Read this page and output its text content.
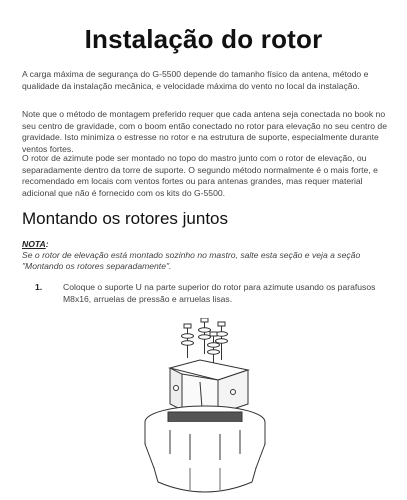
Instalação do rotor

A carga máxima de segurança do G-5500 depende do tamanho físico da antena, método e qualidade da instalação mecânica, e velocidade máxima do vento no local da instalação.

Note que o método de montagem preferido requer que cada antena seja conectada no book no seu centro de gravidade, com o boom então conectado no rotor para elevação no seu centro de gravidade. Isto minimiza o estresse no rotor e na estrutura de suporte, especialmente durante ventos fortes.

O rotor de azimute pode ser montado no topo do mastro junto com o rotor de elevação, ou separadamente dentro da torre de suporte. O segundo método normalmente é o mais forte, e recomendado em locais com ventos fortes ou para antenas grandes, mas requer material adicional que não é fornecido com os kits do G-5500.

Montando os rotores juntos
NOTA:

Se o rotor de elevação está montado sozinho no mastro, salte esta seção e veja a seção "Montando os rotores separadamente".

1. Coloque o suporte U na parte superior do rotor para azimute usando os parafusos M8x16, arruelas de pressão e arruelas lisas.
